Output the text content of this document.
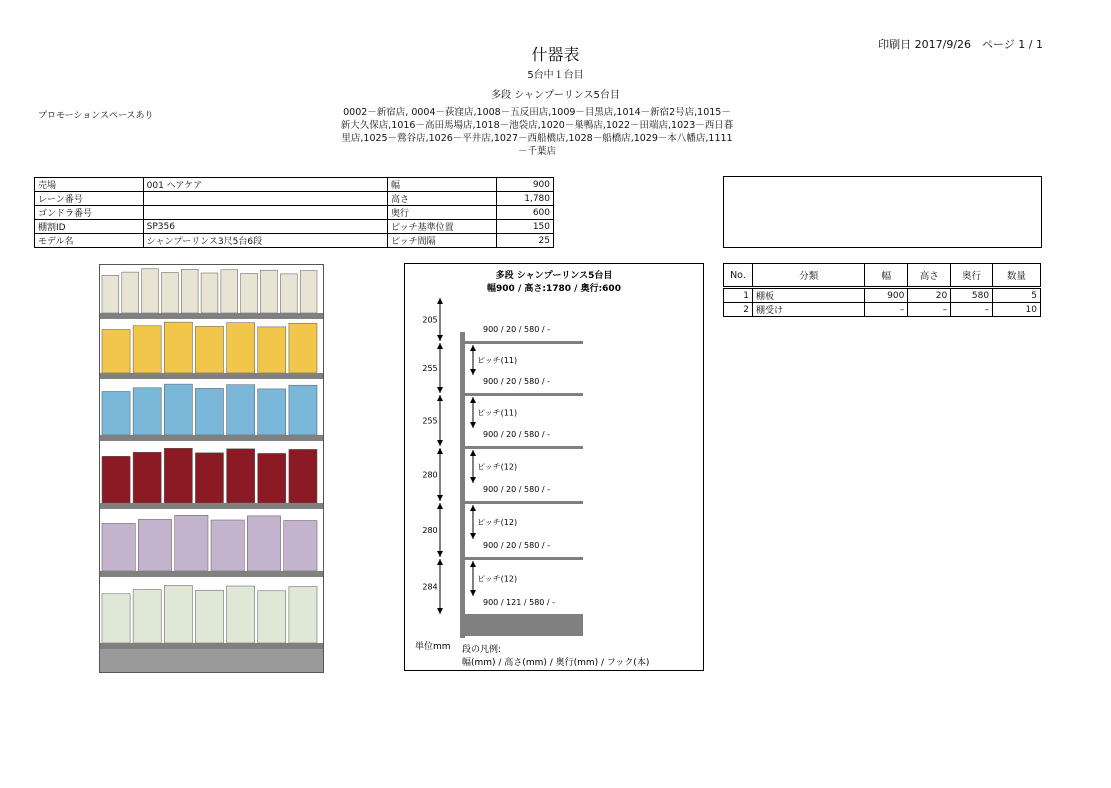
什器表
5台中１台目
多段 シャンプーリンス5台目
印刷日 2017/9/26　ページ 1 / 1
プロモーションスペースあり	0002－新宿店, 0004－荻窪店,1008－五反田店,1009－目黒店,1014－新宿2号店,1015－新大久保店,1016－高田馬場店,1018－池袋店,1020－巣鴨店,1022－田端店,1023－西日暮里店,1025－鶯谷店,1026－平井店,1027－西船橋店,1028－船橋店,1029－本八幡店,1111－千葉店
売場	001 ヘアケア	幅	900
レーン番号		高さ	1,780
ゴンドラ番号		奥行	600
棚割ID	SP356	ピッチ基準位置	150
モデル名	シャンプーリンス3尺5台6段	ピッチ間隔	25
多段 シャンプーリンス5台目
幅900 / 高さ:1780 / 奥行:600
単位mm 段の凡例:
幅(mm) / 高さ(mm) / 奥行(mm) / フック(本)
205
900 / 20 / 580 / -
255
900 / 20 / 580 / -
ピッチ(11)
255
900 / 20 / 580 / -
ピッチ(11)
280
900 / 20 / 580 / -
ピッチ(12)
280
900 / 20 / 580 / -
ピッチ(12)
284
900 / 121 / 580 / -
ピッチ(12)
No.	分類	幅	高さ	奥行	数量
1	棚板	900	20	580	5
2	棚受け	–	–	–	10
